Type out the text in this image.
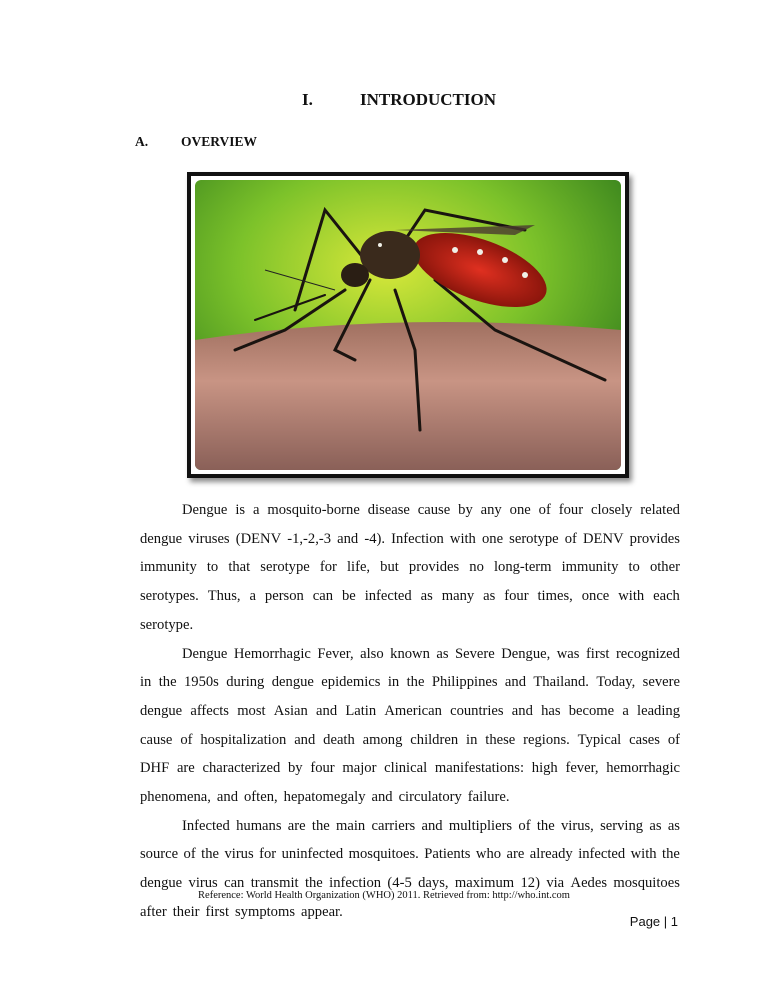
I.	INTRODUCTION
A. OVERVIEW
Dengue is a mosquito-borne disease cause by any one of four closely related
dengue viruses (DENV -1,-2,-3 and -4). Infection with one serotype of DENV provides
immunity to that serotype for life, but provides no long-term immunity to other
serotypes. Thus, a person can be infected as many as four times, once with each
serotype.
Dengue Hemorrhagic Fever, also known as Severe Dengue, was first recognized
in the 1950s during dengue epidemics in the Philippines and Thailand. Today, severe
dengue affects most Asian and Latin American countries and has become a leading
cause of hospitalization and death among children in these regions. Typical cases of
DHF are characterized by four major clinical manifestations: high fever, hemorrhagic
phenomena, and often, hepatomegaly and circulatory failure.
Infected humans are the main carriers and multipliers of the virus, serving as as
source of the virus for uninfected mosquitoes. Patients who are already infected with the
dengue virus can transmit the infection (4-5 days, maximum 12) via Aedes mosquitoes
after their first symptoms appear.
Reference: World Health Organization (WHO) 2011. Retrieved from: http://who.int.com
Page | 1
